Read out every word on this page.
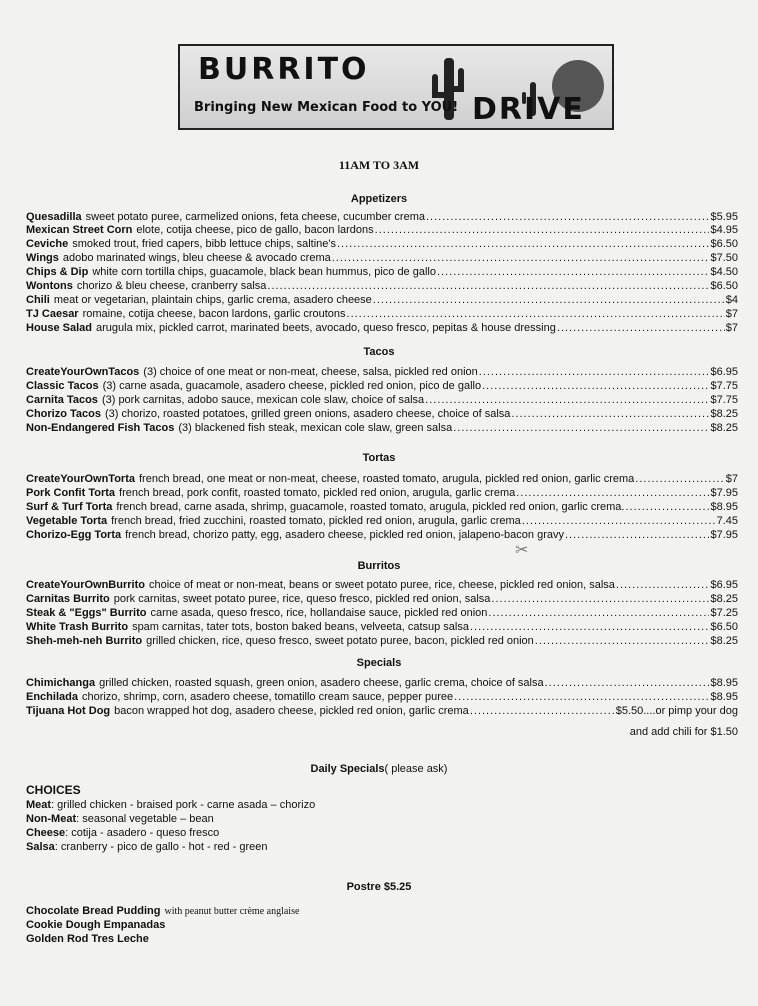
BURRITO
Bringing New Mexican Food to YOU! DRIVE
11AM TO 3AM
Appetizers
Quesadilla sweet potato puree, carmelized onions, feta cheese, cucumber crema .....	$5.95
Mexican Street Corn elote, cotija cheese, pico de gallo, bacon lardons .....	$4.95
Ceviche smoked trout, fried capers, bibb lettuce chips, saltine's .....	$6.50
Wings adobo marinated wings, bleu cheese & avocado crema .....	$7.50
Chips & Dip white corn tortilla chips, guacamole, black bean hummus, pico de gallo .....	$4.50
Wontons chorizo & bleu cheese, cranberry salsa .....	$6.50
Chili meat or vegetarian, plaintain chips, garlic crema, asadero cheese .....	$4
TJ Caesar romaine, cotija cheese, bacon lardons, garlic croutons .....	$7
House Salad arugula mix, pickled carrot, marinated beets, avocado, queso fresco, pepitas & house dressing .....	$7
Tacos
CreateYourOwnTacos (3) choice of one meat or non-meat, cheese, salsa, pickled red onion .....	$6.95
Classic Tacos (3) carne asada, guacamole, asadero cheese, pickled red onion, pico de gallo .....	$7.75
Carnita Tacos (3) pork carnitas, adobo sauce, mexican cole slaw, choice of salsa .....	$7.75
Chorizo Tacos (3) chorizo, roasted potatoes, grilled green onions, asadero cheese, choice of salsa .....	$8.25
Non-Endangered Fish Tacos (3) blackened fish steak, mexican cole slaw, green salsa .....	$8.25
Tortas
CreateYourOwnTorta french bread, one meat or non-meat, cheese, roasted tomato, arugula, pickled red onion, garlic crema .....	$7
Pork Confit Torta french bread, pork confit, roasted tomato, pickled red onion, arugula, garlic crema .....	$7.95
Surf & Turf Torta french bread, carne asada, shrimp, guacamole, roasted tomato, arugula, pickled red onion, garlic crema. .....	$8.95
Vegetable Torta french bread, fried zucchini, roasted tomato, pickled red onion, arugula, garlic crema .....	7.45
Chorizo-Egg Torta french bread, chorizo patty, egg, asadero cheese, pickled red onion, jalapeno-bacon gravy .....	$7.95
✂
Burritos
CreateYourOwnBurrito choice of meat or non-meat, beans or sweet potato puree, rice, cheese, pickled red onion, salsa .....	$6.95
Carnitas Burrito pork carnitas, sweet potato puree, rice, queso fresco, pickled red onion, salsa .....	$8.25
Steak & "Eggs" Burrito carne asada, queso fresco, rice, hollandaise sauce, pickled red onion .....	$7.25
White Trash Burrito spam carnitas, tater tots, boston baked beans, velveeta, catsup salsa .....	$6.50
Sheh-meh-neh Burrito grilled chicken, rice, queso fresco, sweet potato puree, bacon, pickled red onion .....	$8.25
Specials
Chimichanga grilled chicken, roasted squash, green onion, asadero cheese, garlic crema, choice of salsa .....	$8.95
Enchilada chorizo, shrimp, corn, asadero cheese, tomatillo cream sauce, pepper puree .....	$8.95
Tijuana Hot Dog bacon wrapped hot dog, asadero cheese, pickled red onion, garlic crema .....	$5.50....or pimp your dog
and add chili for $1.50
Daily Specials( please ask)
CHOICES
Meat: grilled chicken - braised pork - carne asada – chorizo
Non-Meat: seasonal vegetable – bean
Cheese: cotija - asadero - queso fresco
Salsa: cranberry - pico de gallo - hot - red - green
Postre $5.25
Chocolate Bread Pudding with peanut butter crème anglaise
Cookie Dough Empanadas
Golden Rod Tres Leche
